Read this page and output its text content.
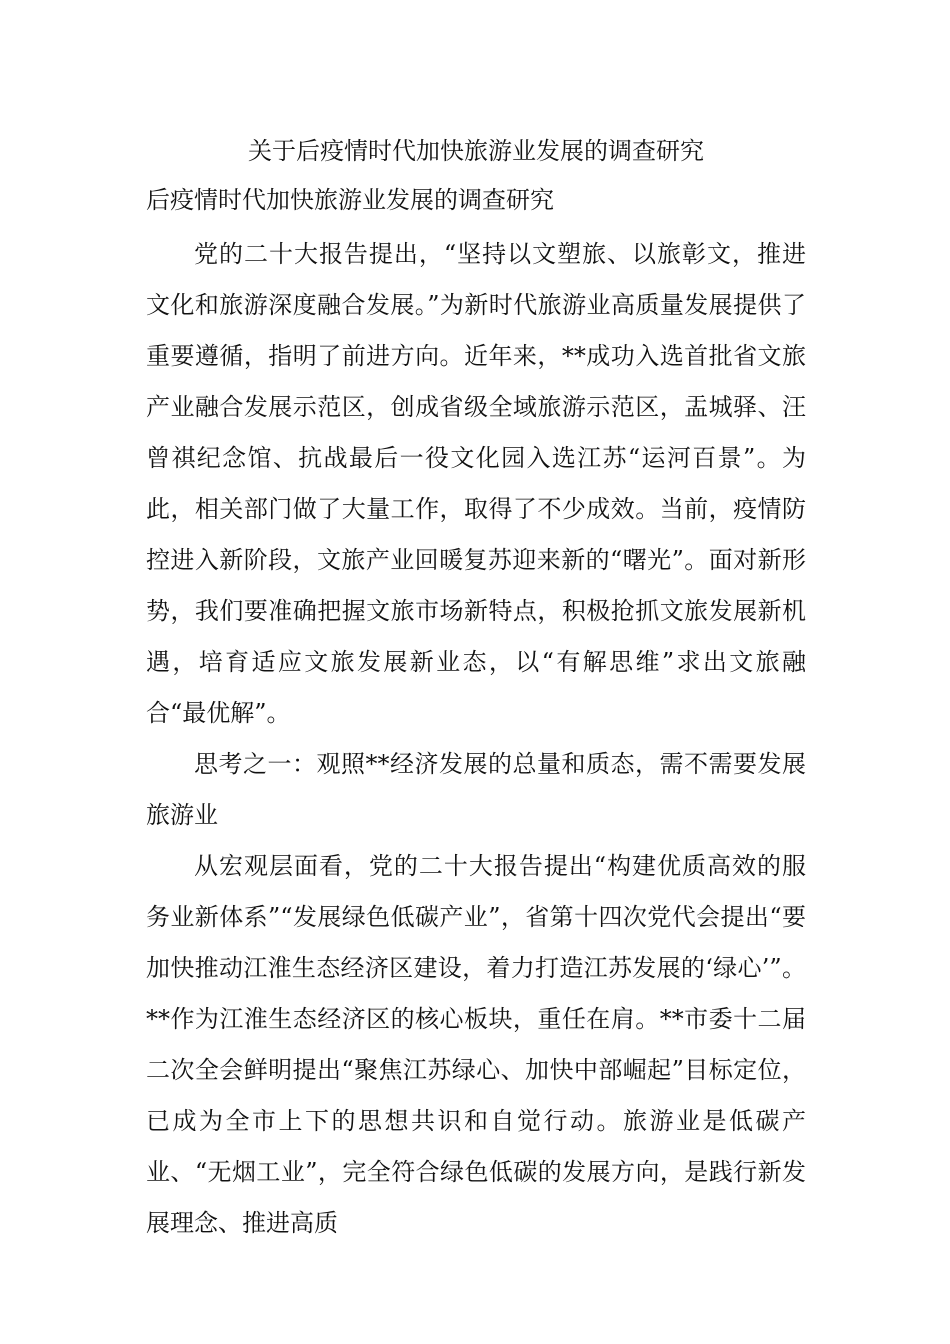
关于后疫情时代加快旅游业发展的调查研究
后疫情时代加快旅游业发展的调查研究

党的二十大报告提出，“坚持以文塑旅、以旅彰文，推进文化和旅游深度融合发展。”为新时代旅游业高质量发展提供了重要遵循，指明了前进方向。近年来，**成功入选首批省文旅产业融合发展示范区，创成省级全域旅游示范区，盂城驿、汪曾祺纪念馆、抗战最后一役文化园入选江苏“运河百景”。为此，相关部门做了大量工作，取得了不少成效。当前，疫情防控进入新阶段，文旅产业回暖复苏迎来新的“曙光”。面对新形势，我们要准确把握文旅市场新特点，积极抢抓文旅发展新机遇，培育适应文旅发展新业态，以“有解思维”求出文旅融合“最优解”。

思考之一：观照**经济发展的总量和质态，需不需要发展旅游业

从宏观层面看，党的二十大报告提出“构建优质高效的服务业新体系”“发展绿色低碳产业”，省第十四次党代会提出“要加快推动江淮生态经济区建设，着力打造江苏发展的‘绿心’”。**作为江淮生态经济区的核心板块，重任在肩。**市委十二届二次全会鲜明提出“聚焦江苏绿心、加快中部崛起”目标定位，已成为全市上下的思想共识和自觉行动。旅游业是低碳产业、“无烟工业”，完全符合绿色低碳的发展方向，是践行新发展理念、推进高质
